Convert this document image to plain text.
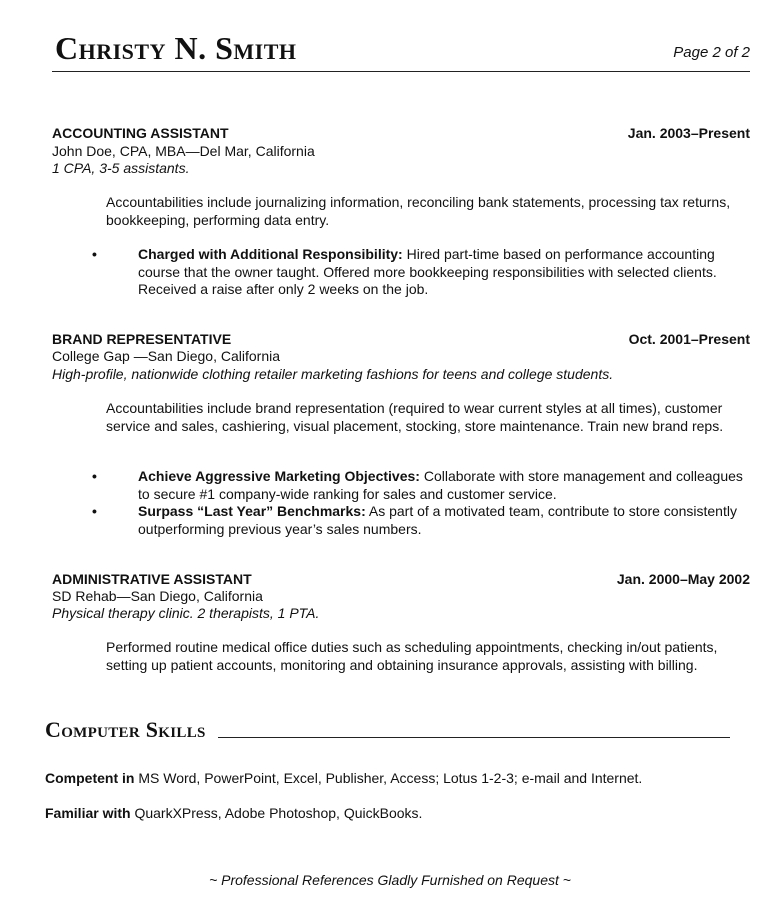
Christy N. Smith	Page 2 of 2
ACCOUNTING ASSISTANT	Jan. 2003–Present
John Doe, CPA, MBA—Del Mar, California
1 CPA, 3-5 assistants.
Accountabilities include journalizing information, reconciling bank statements, processing tax returns, bookkeeping, performing data entry.
•	Charged with Additional Responsibility: Hired part-time based on performance accounting course that the owner taught. Offered more bookkeeping responsibilities with selected clients. Received a raise after only 2 weeks on the job.
BRAND REPRESENTATIVE	Oct. 2001–Present
College Gap —San Diego, California
High-profile, nationwide clothing retailer marketing fashions for teens and college students.
Accountabilities include brand representation (required to wear current styles at all times), customer service and sales, cashiering, visual placement, stocking, store maintenance. Train new brand reps.
•	Achieve Aggressive Marketing Objectives: Collaborate with store management and colleagues to secure #1 company-wide ranking for sales and customer service.
•	Surpass “Last Year” Benchmarks: As part of a motivated team, contribute to store consistently outperforming previous year’s sales numbers.
ADMINISTRATIVE ASSISTANT	Jan. 2000–May 2002
SD Rehab—San Diego, California
Physical therapy clinic. 2 therapists, 1 PTA.
Performed routine medical office duties such as scheduling appointments, checking in/out patients, setting up patient accounts, monitoring and obtaining insurance approvals, assisting with billing.
Computer Skills
Competent in MS Word, PowerPoint, Excel, Publisher, Access; Lotus 1-2-3; e-mail and Internet.
Familiar with QuarkXPress, Adobe Photoshop, QuickBooks.
~ Professional References Gladly Furnished on Request ~
